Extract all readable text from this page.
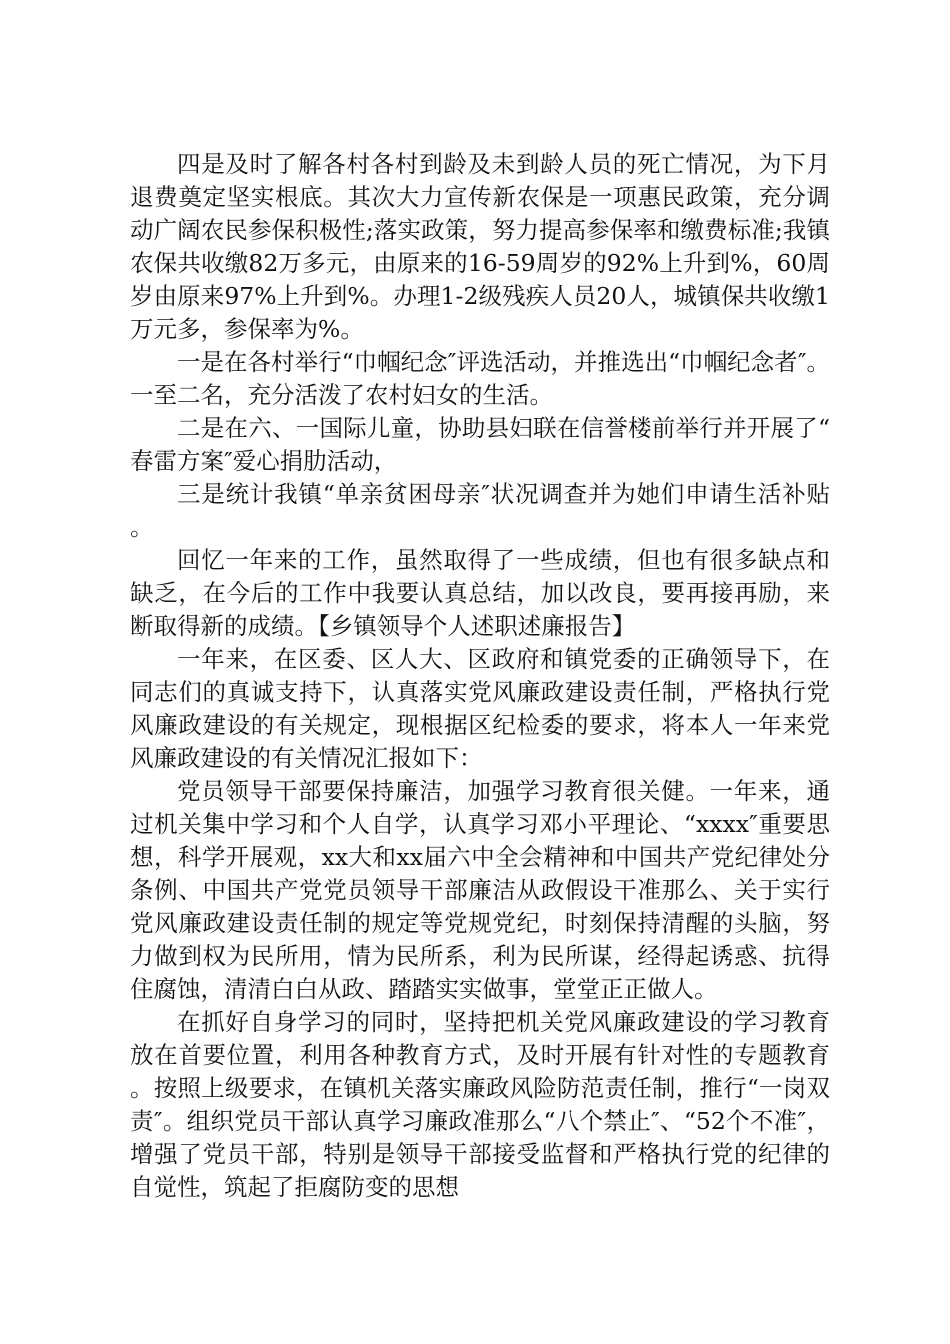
四是及时了解各村各村到龄及未到龄人员的死亡情况，为下月退费奠定坚实根底。其次大力宣传新农保是一项惠民政策，充分调动广阔农民参保积极性;落实政策，努力提高参保率和缴费标准;我镇农保共收缴82万多元，由原来的16-59周岁的92%上升到%，60周岁由原来97%上升到%。办理1-2级残疾人员20人，城镇保共收缴1万元多，参保率为%。

一是在各村举行“巾帼纪念″评选活动，并推选出“巾帼纪念者″。一至二名，充分活泼了农村妇女的生活。

二是在六、一国际儿童，协助县妇联在信誉楼前举行并开展了“春雷方案″爱心捐肋活动，

三是统计我镇“单亲贫困母亲″状况调查并为她们申请生活补贴。

回忆一年来的工作，虽然取得了一些成绩，但也有很多缺点和缺乏，在今后的工作中我要认真总结，加以改良，要再接再励，来断取得新的成绩。【乡镇领导个人述职述廉报告】

一年来，在区委、区人大、区政府和镇党委的正确领导下，在同志们的真诚支持下，认真落实党风廉政建设责任制，严格执行党风廉政建设的有关规定，现根据区纪检委的要求，将本人一年来党风廉政建设的有关情况汇报如下：

党员领导干部要保持廉洁，加强学习教育很关健。一年来，通过机关集中学习和个人自学，认真学习邓小平理论、“xxxx″重要思想，科学开展观，xx大和xx届六中全会精神和中国共产党纪律处分条例、中国共产党党员领导干部廉洁从政假设干准那么、关于实行党风廉政建设责任制的规定等党规党纪，时刻保持清醒的头脑，努力做到权为民所用，情为民所系，利为民所谋，经得起诱惑、抗得住腐蚀，清清白白从政、踏踏实实做事，堂堂正正做人。

在抓好自身学习的同时，坚持把机关党风廉政建设的学习教育放在首要位置，利用各种教育方式，及时开展有针对性的专题教育。按照上级要求，在镇机关落实廉政风险防范责任制，推行“一岗双责″。组织党员干部认真学习廉政准那么“八个禁止″、“52个不准″，增强了党员干部，特别是领导干部接受监督和严格执行党的纪律的自觉性，筑起了拒腐防变的思想
